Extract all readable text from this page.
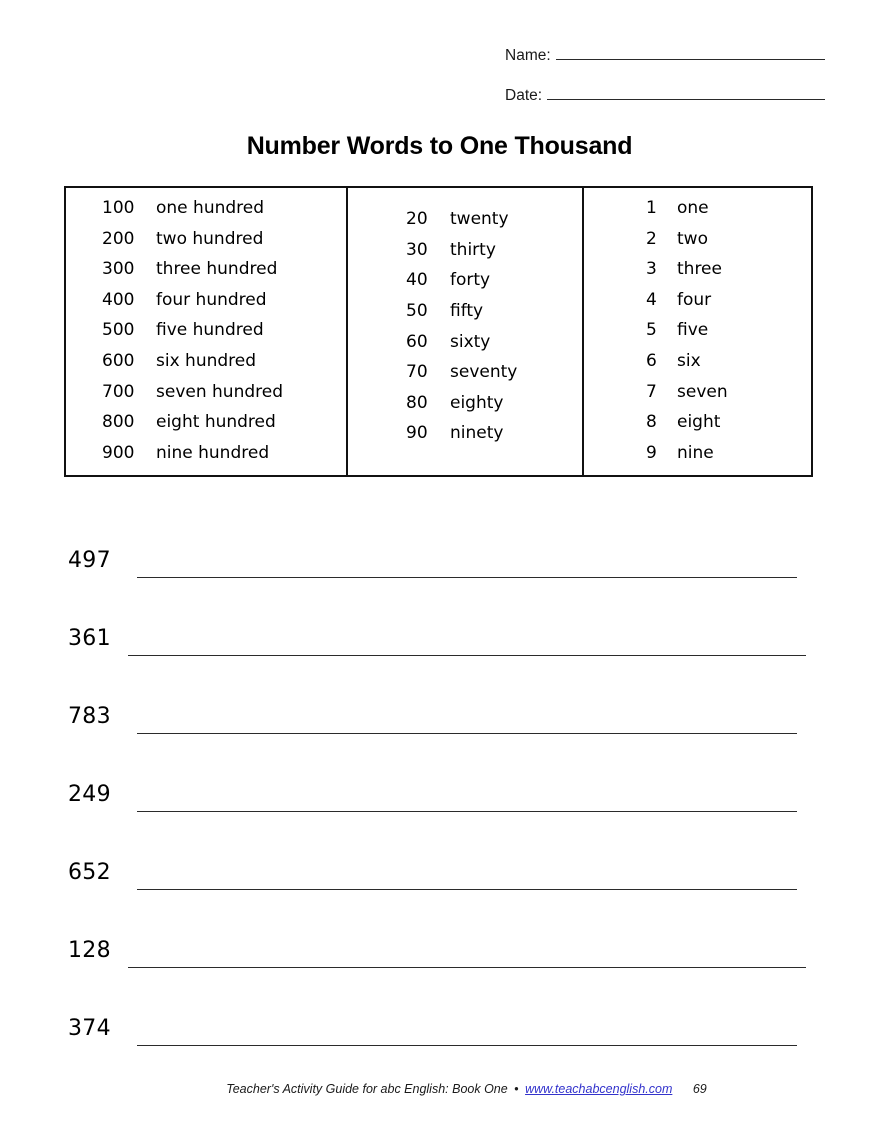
Name:
Date:
Number Words to One Thousand
100	one hundred
200	two hundred
300	three hundred
400	four hundred
500	five hundred
600	six hundred
700	seven hundred
800	eight hundred
900	nine hundred
20	twenty
30	thirty
40	forty
50	fifty
60	sixty
70	seventy
80	eighty
90	ninety
1	one
2	two
3	three
4	four
5	five
6	six
7	seven
8	eight
9	nine
497
361
783
249
652
128
374
Teacher's Activity Guide for abc English: Book One • www.teachabcenglish.com 69
